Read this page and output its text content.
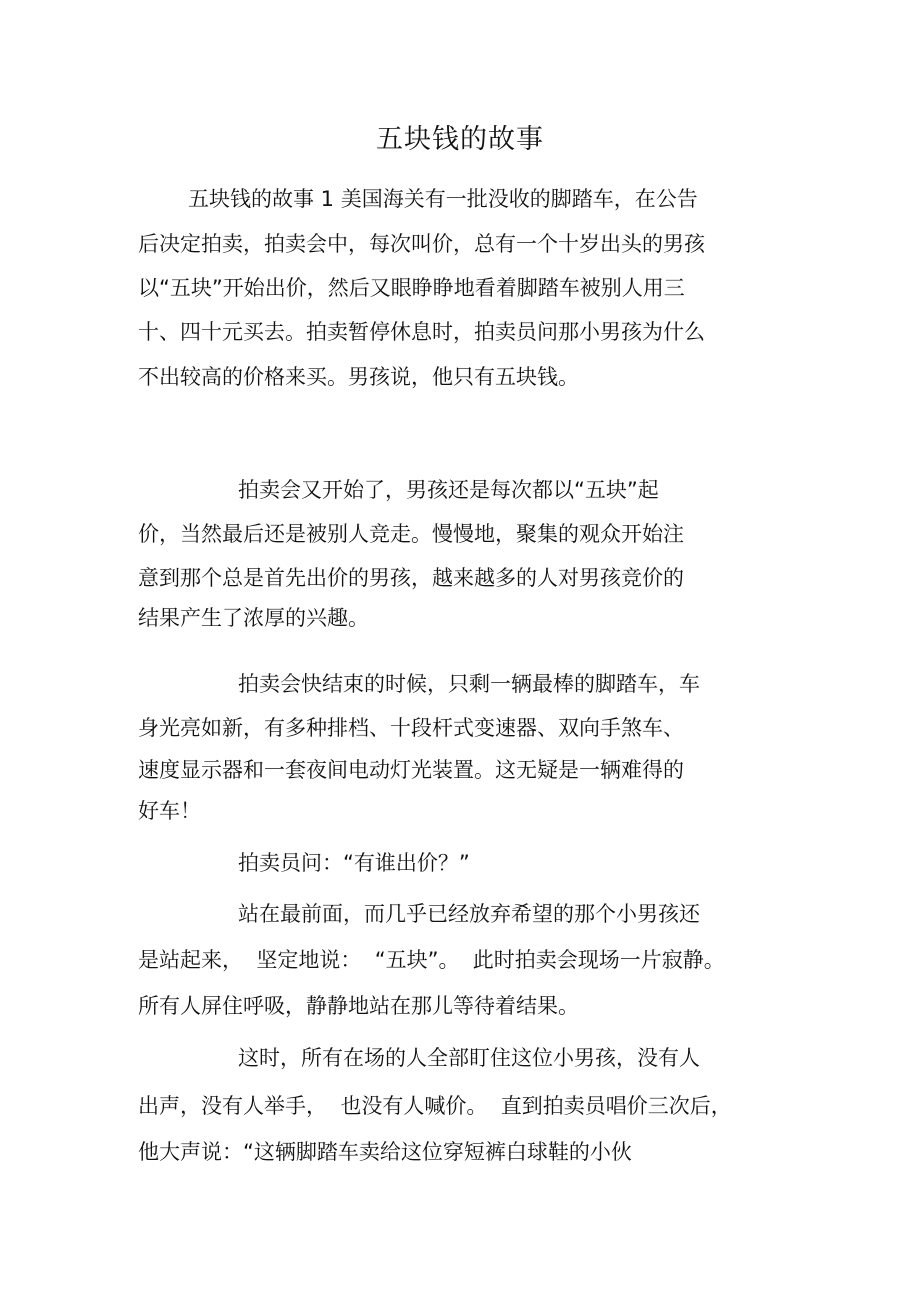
五块钱的故事
五块钱的故事 1 美国海关有一批没收的脚踏车，在公告
后决定拍卖，拍卖会中，每次叫价，总有一个十岁出头的男孩
以“五块”开始出价，然后又眼睁睁地看着脚踏车被别人用三
十、四十元买去。拍卖暂停休息时，拍卖员问那小男孩为什么
不出较高的价格来买。男孩说，他只有五块钱。
拍卖会又开始了，男孩还是每次都以“五块”起
价，当然最后还是被别人竞走。慢慢地，聚集的观众开始注
意到那个总是首先出价的男孩，越来越多的人对男孩竞价的
结果产生了浓厚的兴趣。
拍卖会快结束的时候，只剩一辆最棒的脚踏车，车
身光亮如新，有多种排档、十段杆式变速器、双向手煞车、
速度显示器和一套夜间电动灯光装置。这无疑是一辆难得的
好车！
拍卖员问：“有谁出价？”
站在最前面，而几乎已经放弃希望的那个小男孩还
是站起来，  坚定地说：  “五块”。  此时拍卖会现场一片寂静。
所有人屏住呼吸，静静地站在那儿等待着结果。
这时，所有在场的人全部盯住这位小男孩，没有人
出声，没有人举手，  也没有人喊价。  直到拍卖员唱价三次后，
他大声说：“这辆脚踏车卖给这位穿短裤白球鞋的小伙
